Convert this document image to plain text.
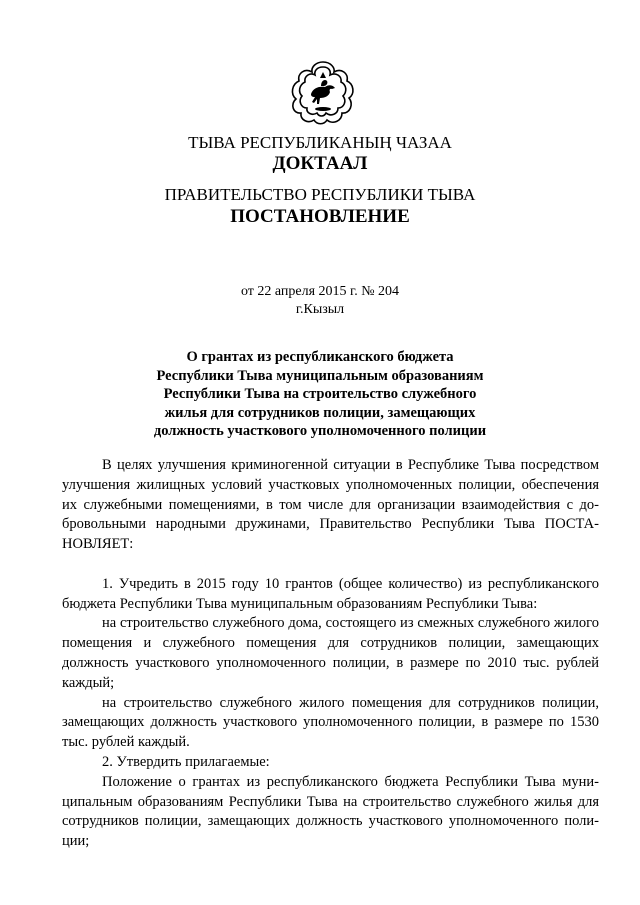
ТЫВА РЕСПУБЛИКАНЫҢ ЧАЗАА
ДОКТААЛ
ПРАВИТЕЛЬСТВО РЕСПУБЛИКИ ТЫВА
ПОСТАНОВЛЕНИЕ
от 22 апреля 2015 г. № 204
г.Кызыл
О грантах из республиканского бюджета
Республики Тыва муниципальным образованиям
Республики Тыва на строительство служебного
жилья для сотрудников полиции, замещающих
должность участкового уполномоченного полиции

В целях улучшения криминогенной ситуации в Республике Тыва посредством улучшения жилищных условий участковых уполномоченных полиции, обеспечения их служебными помещениями, в том числе для организации взаимодействия с добровольными народными дружинами, Правительство Республики Тыва ПОСТАНОВЛЯЕТ:

1. Учредить в 2015 году 10 грантов (общее количество) из республиканского бюджета Республики Тыва муниципальным образованиям Республики Тыва:

на строительство служебного дома, состоящего из смежных служебного жилого помещения и служебного помещения для сотрудников полиции, замещающих должность участкового уполномоченного полиции, в размере по 2010 тыс. рублей каждый;

на строительство служебного жилого помещения для сотрудников полиции, замещающих должность участкового уполномоченного полиции, в размере по 1530 тыс. рублей каждый.

2. Утвердить прилагаемые:

Положение о грантах из республиканского бюджета Республики Тыва муниципальным образованиям Республики Тыва на строительство служебного жилья для сотрудников полиции, замещающих должность участкового уполномоченного полиции;
